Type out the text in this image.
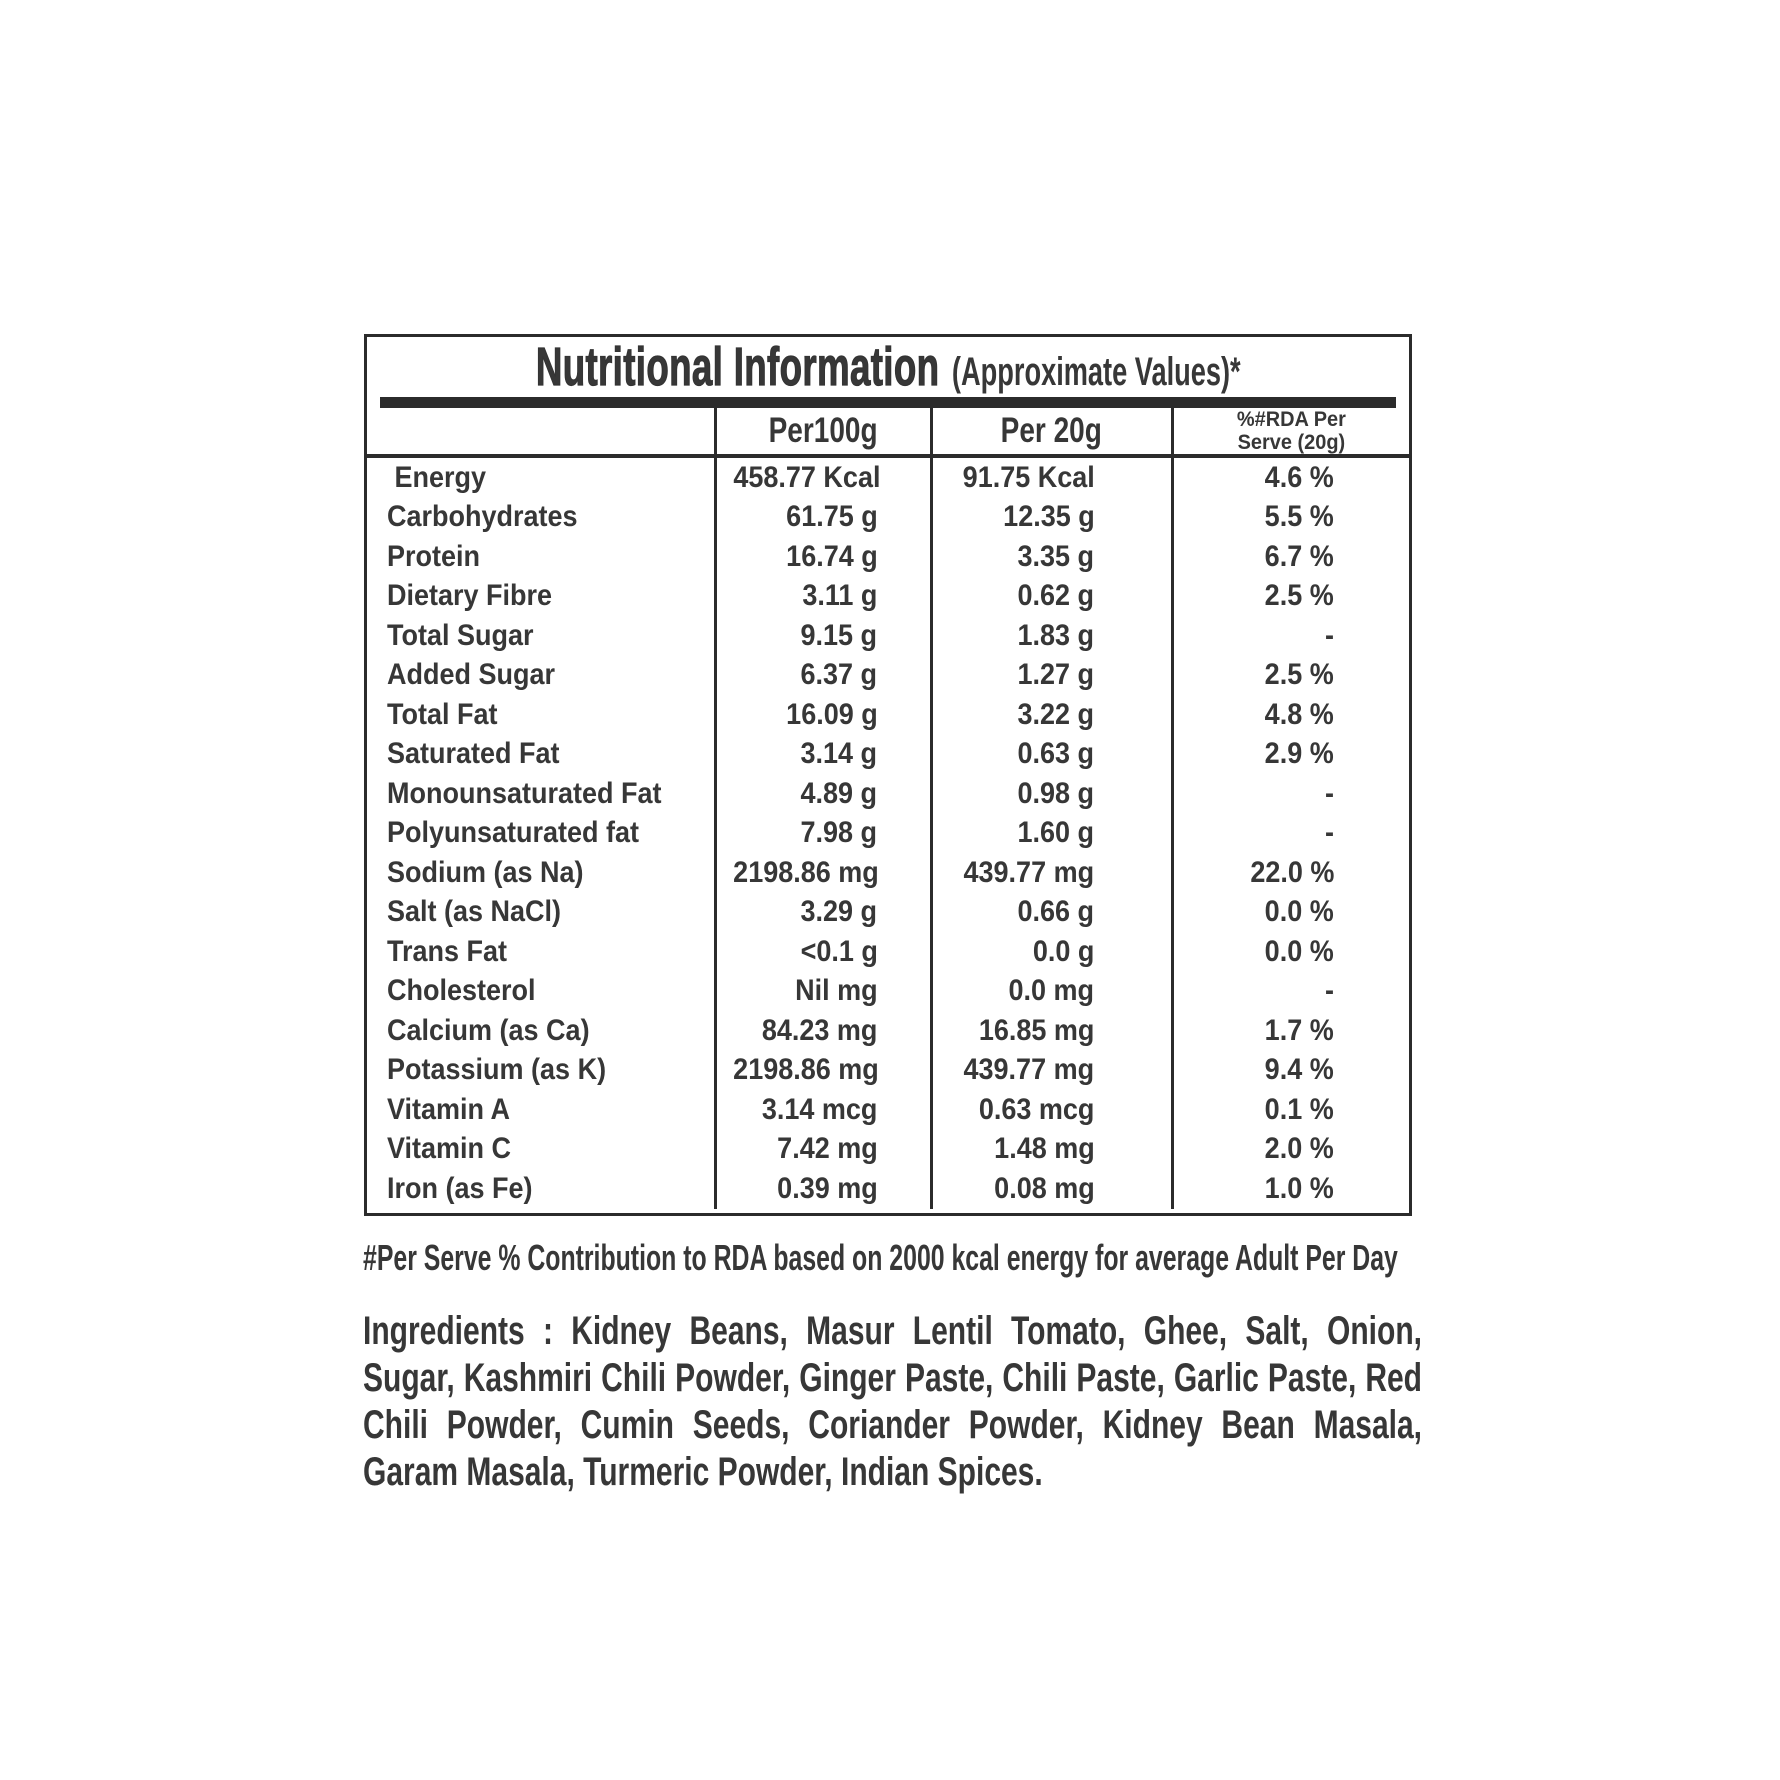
Nutritional Information (Approximate Values)*
	Per100g	Per 20g	%#RDA Per
Serve (20g)

Energy	458.77 Kcal	91.75 Kcal	4.6 %
Carbohydrates	61.75 g	12.35 g	5.5 %
Protein	16.74 g	3.35 g	6.7 %
Dietary Fibre	3.11 g	0.62 g	2.5 %
Total Sugar	9.15 g	1.83 g	-
Added Sugar	6.37 g	1.27 g	2.5 %
Total Fat	16.09 g	3.22 g	4.8 %
Saturated Fat	3.14 g	0.63 g	2.9 %
Monounsaturated Fat	4.89 g	0.98 g	-
Polyunsaturated fat	7.98 g	1.60 g	-
Sodium (as Na)	2198.86 mg	439.77 mg	22.0 %
Salt (as NaCl)	3.29 g	0.66 g	0.0 %
Trans Fat	<0.1 g	0.0 g	0.0 %
Cholesterol	Nil mg	0.0 mg	-
Calcium (as Ca)	84.23 mg	16.85 mg	1.7 %
Potassium (as K)	2198.86 mg	439.77 mg	9.4 %
Vitamin A	3.14 mcg	0.63 mcg	0.1 %
Vitamin C	7.42 mg	1.48 mg	2.0 %
Iron (as Fe)	0.39 mg	0.08 mg	1.0 %

#Per Serve % Contribution to RDA based on 2000 kcal energy for average Adult Per Day

Ingredients : Kidney Beans, Masur Lentil Tomato, Ghee, Salt, Onion, Sugar, Kashmiri Chili Powder, Ginger Paste, Chili Paste, Garlic Paste, Red Chili Powder, Cumin Seeds, Coriander Powder, Kidney Bean Masala, Garam Masala, Turmeric Powder, Indian Spices.
